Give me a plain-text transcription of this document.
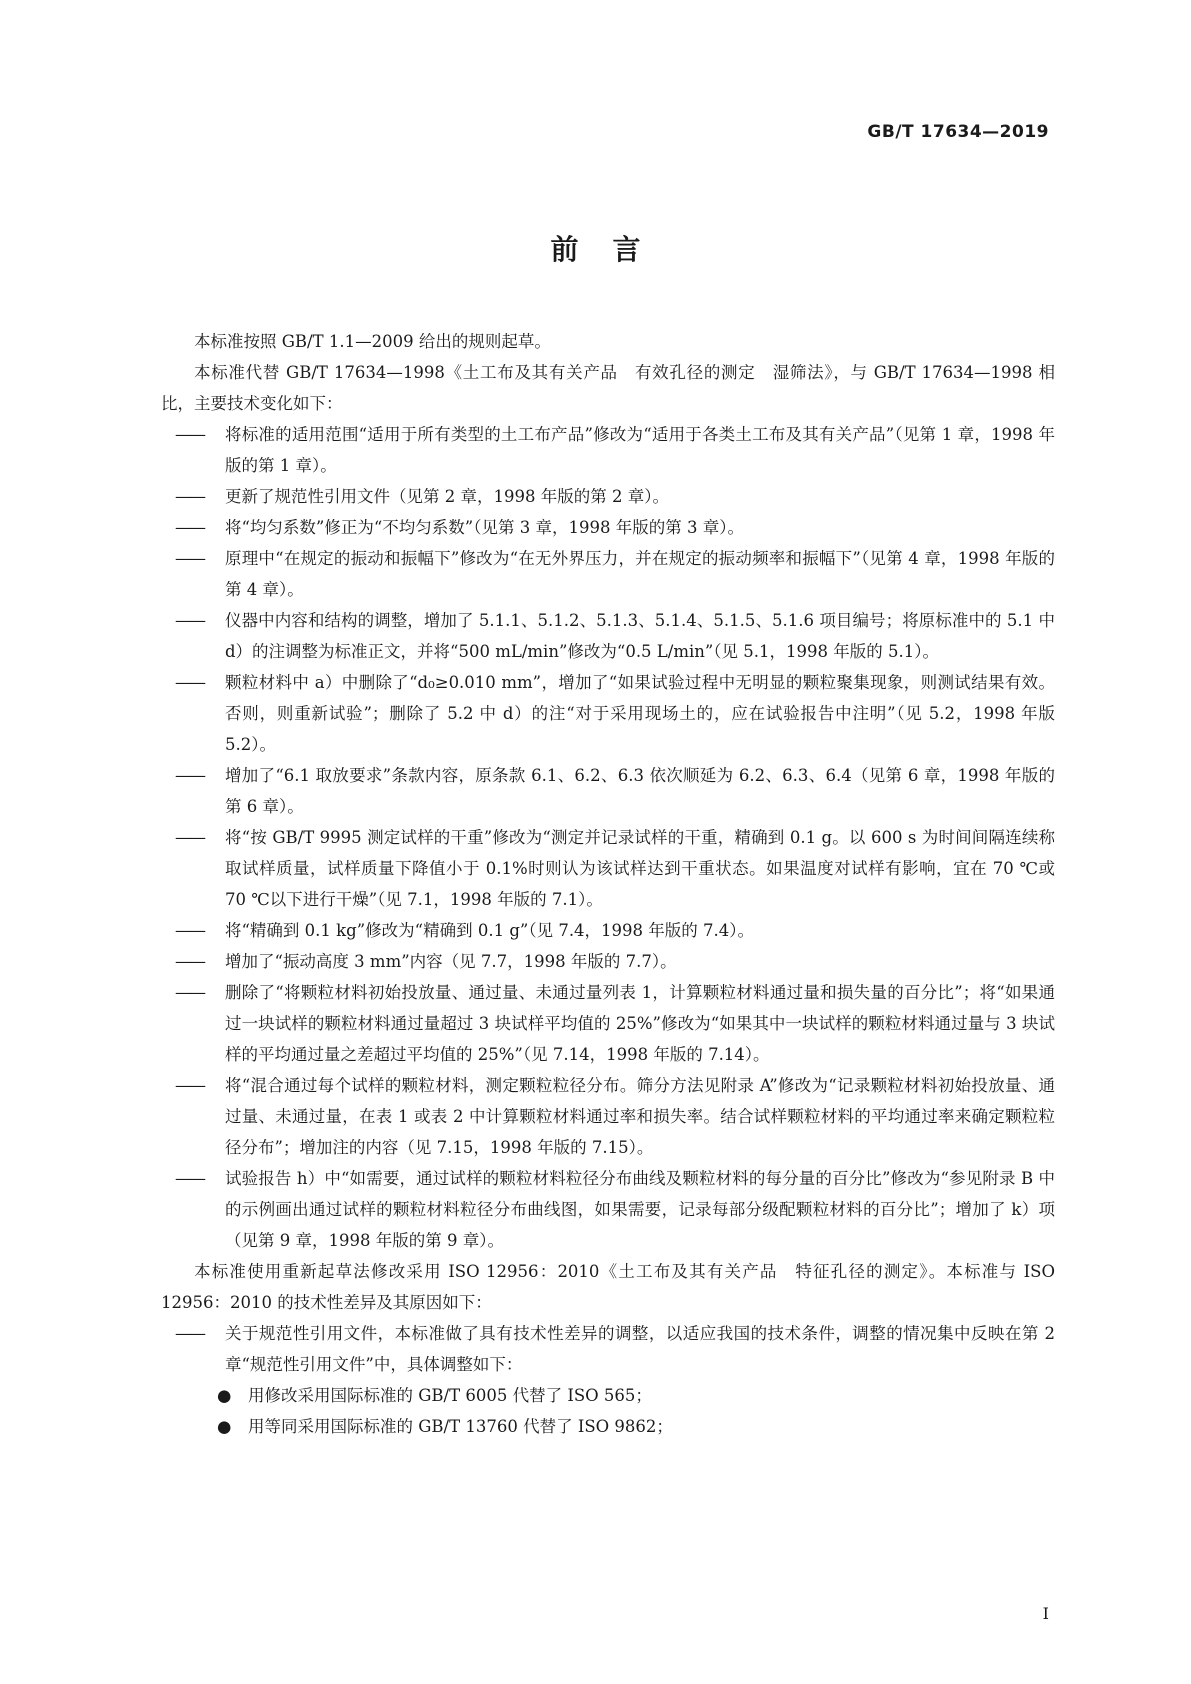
GB/T 17634—2019
前言

本标准按照 GB/T 1.1—2009 给出的规则起草。

本标准代替 GB/T 17634—1998《土工布及其有关产品　有效孔径的测定　湿筛法》，与 GB/T 17634—1998 相比，主要技术变化如下：

—— 将标准的适用范围“适用于所有类型的土工布产品”修改为“适用于各类土工布及其有关产品”（见第 1 章，1998 年版的第 1 章）。

—— 更新了规范性引用文件（见第 2 章，1998 年版的第 2 章）。

—— 将“均匀系数”修正为“不均匀系数”（见第 3 章，1998 年版的第 3 章）。

—— 原理中“在规定的振动和振幅下”修改为“在无外界压力，并在规定的振动频率和振幅下”（见第 4 章，1998 年版的第 4 章）。

—— 仪器中内容和结构的调整，增加了 5.1.1、5.1.2、5.1.3、5.1.4、5.1.5、5.1.6 项目编号；将原标准中的 5.1 中 d）的注调整为标准正文，并将“500 mL/min”修改为“0.5 L/min”（见 5.1，1998 年版的 5.1）。

—— 颗粒材料中 a）中删除了“d₀≥0.010 mm”，增加了“如果试验过程中无明显的颗粒聚集现象，则测试结果有效。否则，则重新试验”；删除了 5.2 中 d）的注“对于采用现场土的，应在试验报告中注明”（见 5.2，1998 年版 5.2）。

—— 增加了“6.1 取放要求”条款内容，原条款 6.1、6.2、6.3 依次顺延为 6.2、6.3、6.4（见第 6 章，1998 年版的第 6 章）。

—— 将“按 GB/T 9995 测定试样的干重”修改为“测定并记录试样的干重，精确到 0.1 g。以 600 s 为时间间隔连续称取试样质量，试样质量下降值小于 0.1%时则认为该试样达到干重状态。如果温度对试样有影响，宜在 70 ℃或 70 ℃以下进行干燥”（见 7.1，1998 年版的 7.1）。

—— 将“精确到 0.1 kg”修改为“精确到 0.1 g”（见 7.4，1998 年版的 7.4）。

—— 增加了“振动高度 3 mm”内容（见 7.7，1998 年版的 7.7）。

—— 删除了“将颗粒材料初始投放量、通过量、未通过量列表 1，计算颗粒材料通过量和损失量的百分比”；将“如果通过一块试样的颗粒材料通过量超过 3 块试样平均值的 25%”修改为“如果其中一块试样的颗粒材料通过量与 3 块试样的平均通过量之差超过平均值的 25%”（见 7.14，1998 年版的 7.14）。

—— 将“混合通过每个试样的颗粒材料，测定颗粒粒径分布。筛分方法见附录 A”修改为“记录颗粒材料初始投放量、通过量、未通过量，在表 1 或表 2 中计算颗粒材料通过率和损失率。结合试样颗粒材料的平均通过率来确定颗粒粒径分布”；增加注的内容（见 7.15，1998 年版的 7.15）。

—— 试验报告 h）中“如需要，通过试样的颗粒材料粒径分布曲线及颗粒材料的每分量的百分比”修改为“参见附录 B 中的示例画出通过试样的颗粒材料粒径分布曲线图，如果需要，记录每部分级配颗粒材料的百分比”；增加了 k）项（见第 9 章，1998 年版的第 9 章）。

本标准使用重新起草法修改采用 ISO 12956：2010《土工布及其有关产品　特征孔径的测定》。本标准与 ISO 12956：2010 的技术性差异及其原因如下：

—— 关于规范性引用文件，本标准做了具有技术性差异的调整，以适应我国的技术条件，调整的情况集中反映在第 2 章“规范性引用文件”中，具体调整如下：

● 用修改采用国际标准的 GB/T 6005 代替了 ISO 565；

● 用等同采用国际标准的 GB/T 13760 代替了 ISO 9862；

I
